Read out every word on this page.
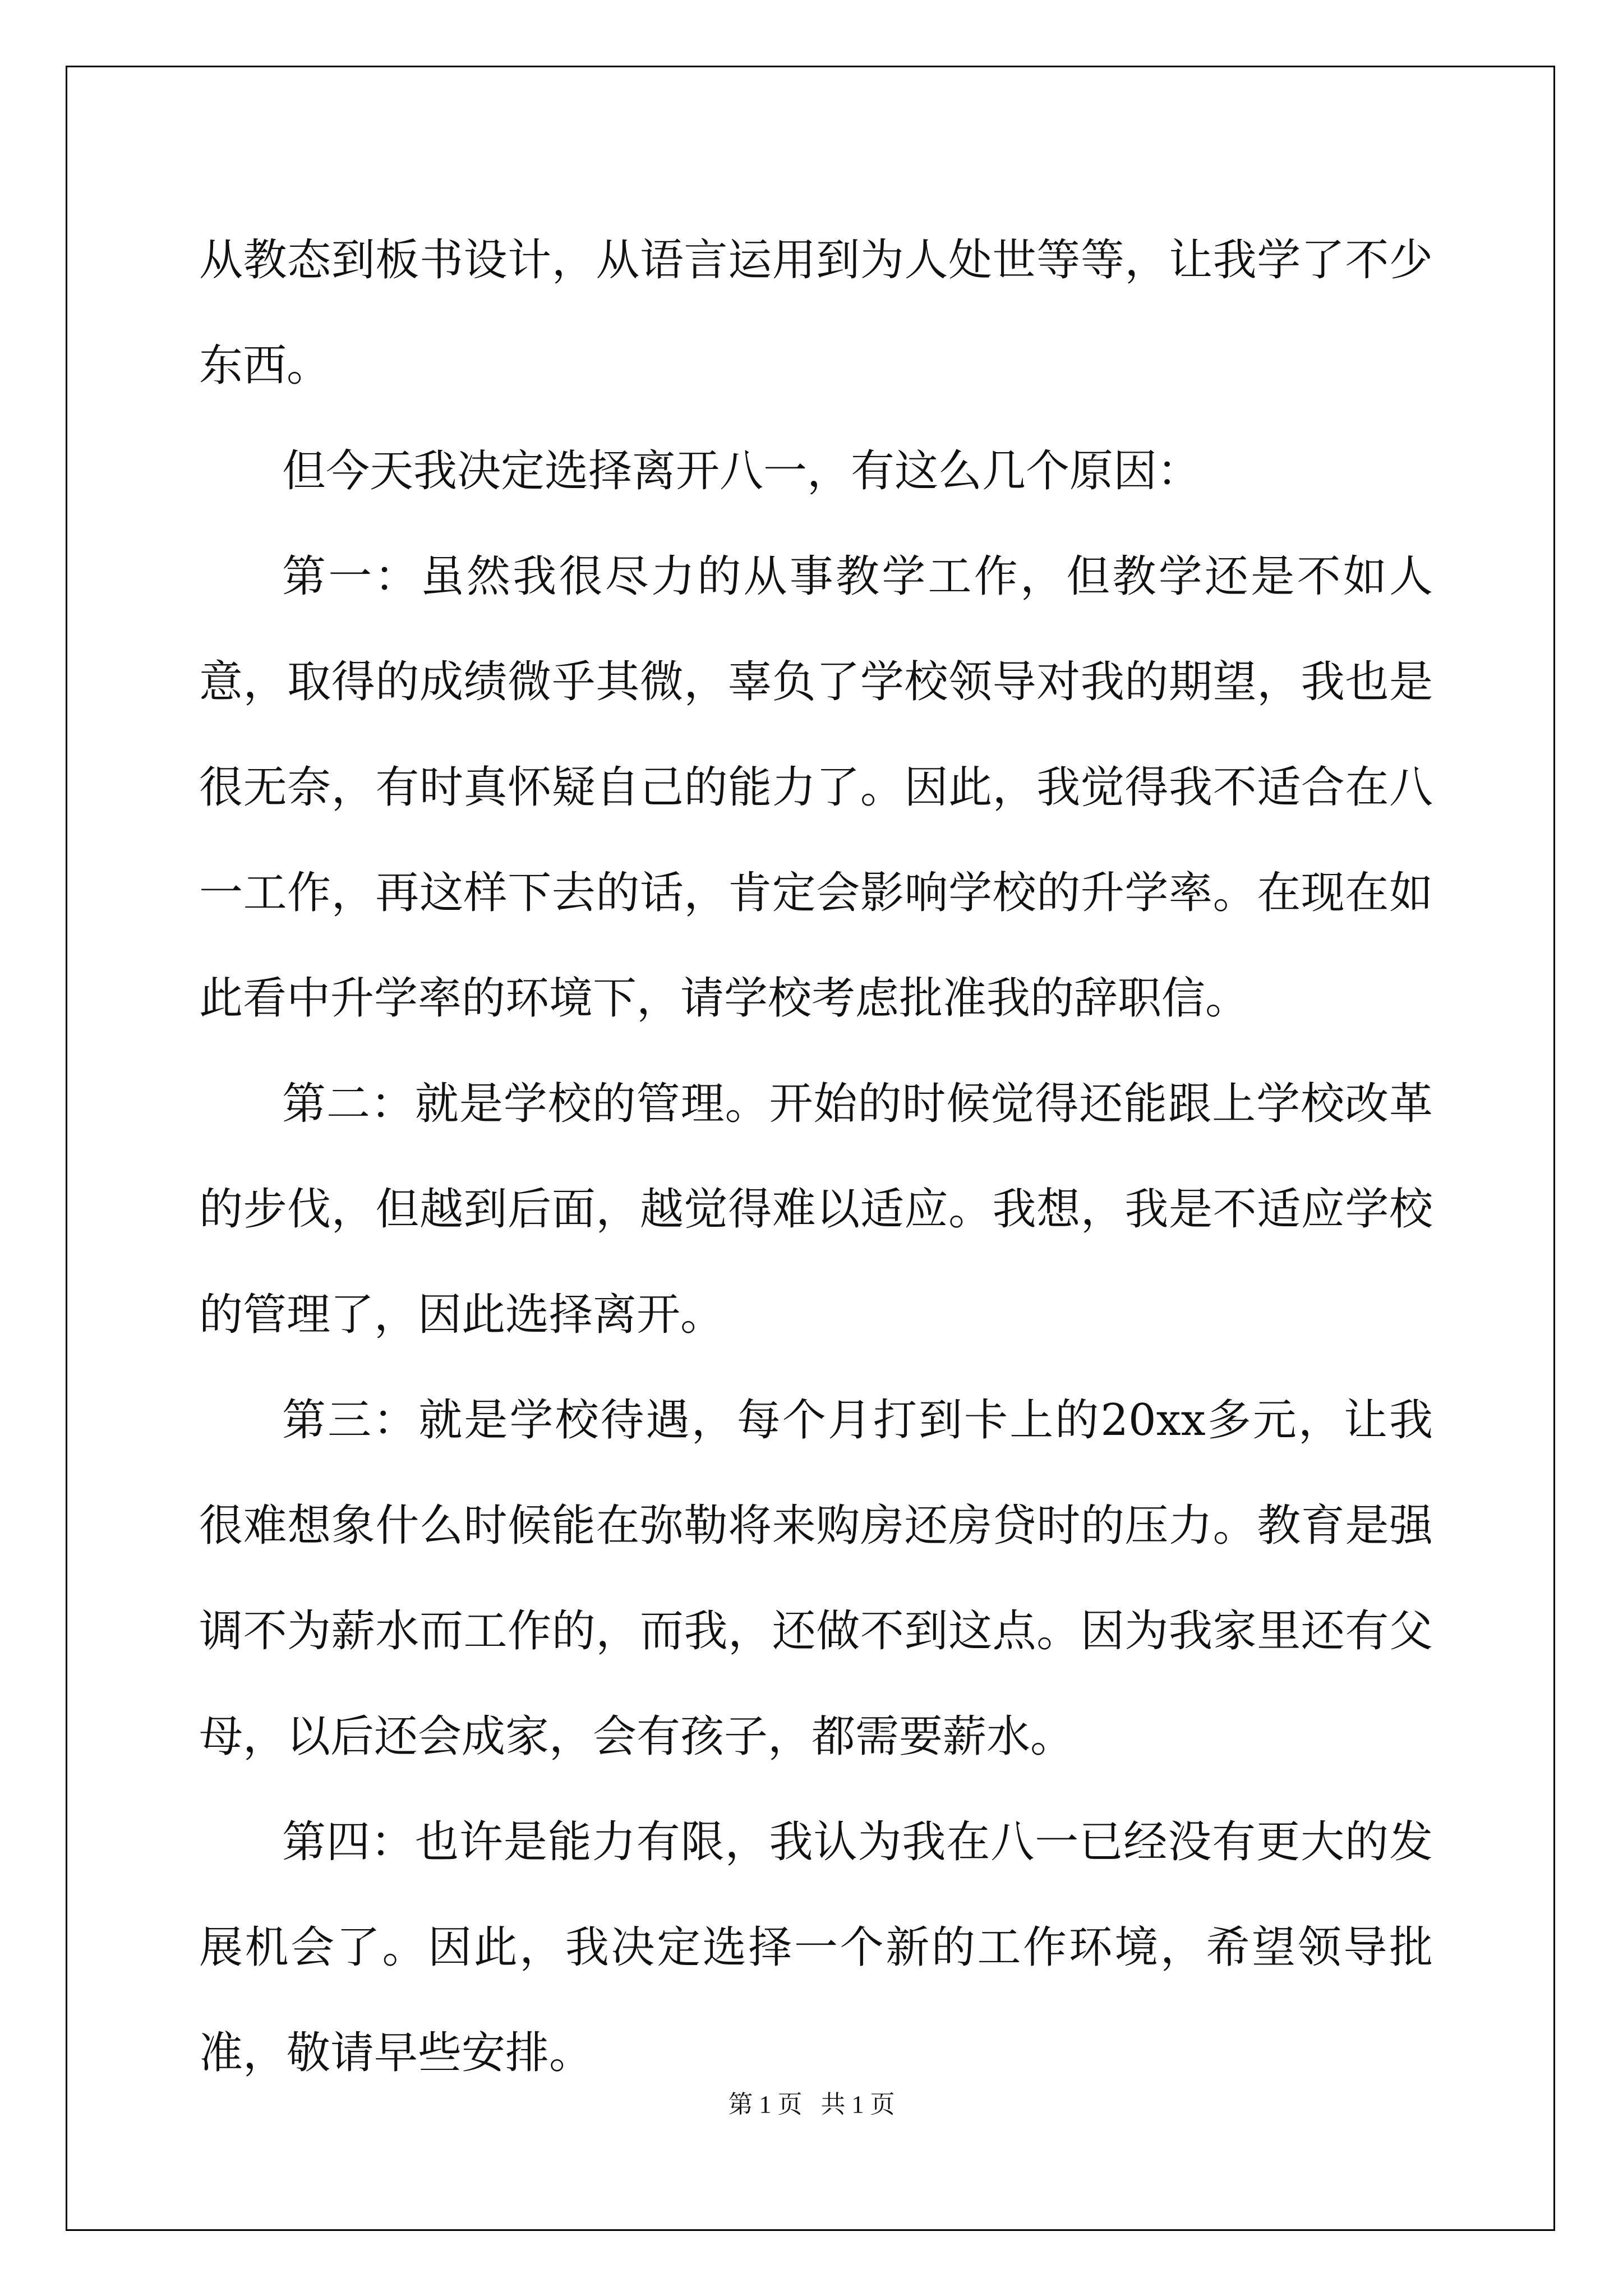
从教态到板书设计，从语言运用到为人处世等等，让我学了不少东西。

但今天我决定选择离开八一，有这么几个原因：

第一：虽然我很尽力的从事教学工作，但教学还是不如人意，取得的成绩微乎其微，辜负了学校领导对我的期望，我也是很无奈，有时真怀疑自己的能力了。因此，我觉得我不适合在八一工作，再这样下去的话，肯定会影响学校的升学率。在现在如此看中升学率的环境下，请学校考虑批准我的辞职信。

第二：就是学校的管理。开始的时候觉得还能跟上学校改革的步伐，但越到后面，越觉得难以适应。我想，我是不适应学校的管理了，因此选择离开。

第三：就是学校待遇，每个月打到卡上的20xx多元，让我很难想象什么时候能在弥勒将来购房还房贷时的压力。教育是强调不为薪水而工作的，而我，还做不到这点。因为我家里还有父母，以后还会成家，会有孩子，都需要薪水。

第四：也许是能力有限，我认为我在八一已经没有更大的发展机会了。因此，我决定选择一个新的工作环境，希望领导批准，敬请早些安排。

第 1 页   共 1 页
